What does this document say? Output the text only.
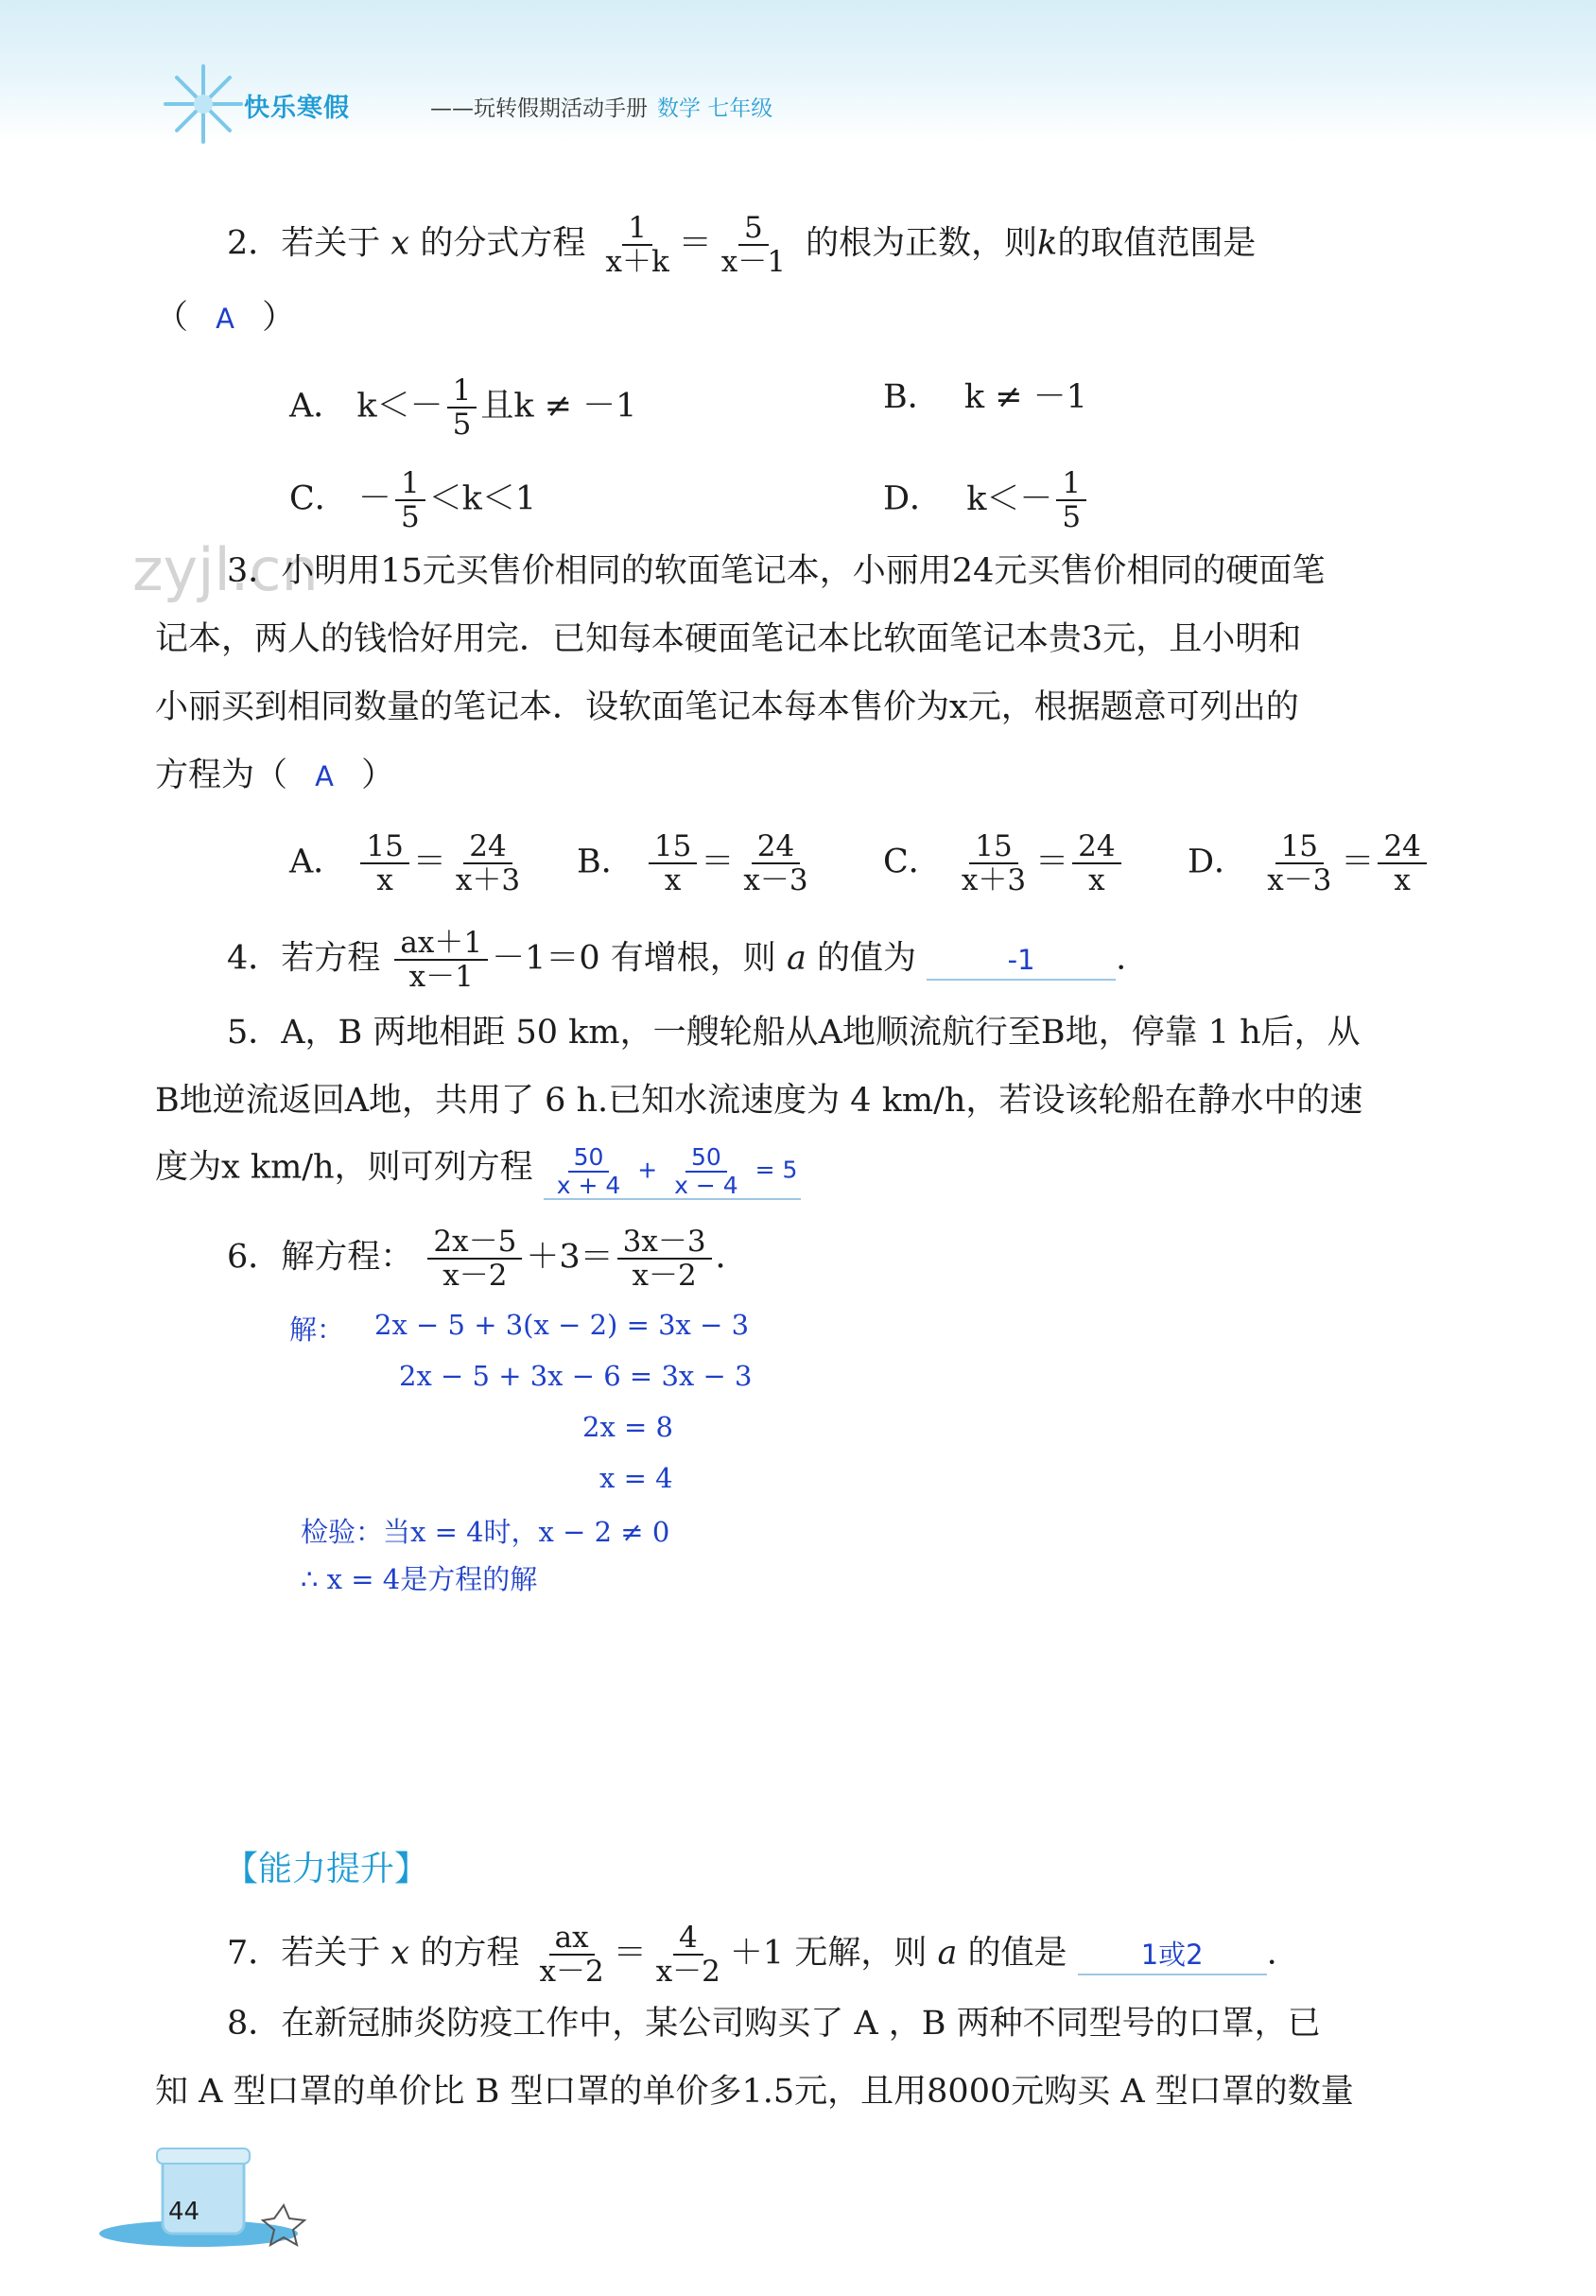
快乐寒假	——玩转假期活动手册 数学 七年级
2．若关于 x 的分式方程 $\frac{1}{x+k} = \frac{5}{x-1}$ 的根为正数，则k的取值范围是
（ A ）
A． $k<- \frac{1}{5}$ 且k ≠ －1	B． k ≠ －1
C． － $\frac{1}{5} <k<1$	D． $k<- \frac{1}{5}$
zyjl.cn
3．小明用15元买售价相同的软面笔记本，小丽用24元买售价相同的硬面笔
记本，两人的钱恰好用完．已知每本硬面笔记本比软面笔记本贵3元，且小明和
小丽买到相同数量的笔记本．设软面笔记本每本售价为x元，根据题意可列出的
方程为（ A ）
A． $\frac{15}{x} = \frac{24}{x+3}$ B． $\frac{15}{x} = \frac{24}{x-3}$ C． $\frac{15}{x+3} = \frac{24}{x}$ D． $\frac{15}{x-3} = \frac{24}{x}$
4．若方程 $\frac{ax+1}{x-1} -1=0$ 有增根，则 a 的值为	-1 .
5．A，B 两地相距 50 km，一艘轮船从A地顺流航行至B地，停靠 1 h后，从
B地逆流返回A地，共用了 6 h.已知水流速度为 4 km/h，若设该轮船在静水中的速
度为x km/h，则可列方程 $\frac{50}{x + 4} + \frac{50}{x - 4} = 5$
6．解方程： $\frac{2x-5}{x-2} +3= \frac{3x-3}{x-2}$ ．
解： 2x − 5 + 3(x − 2) = 3x − 3
2x − 5 + 3x − 6 = 3x − 3
2x = 8
x = 4
检验：当x = 4时，x − 2 ≠ 0
∴ x = 4是方程的解
【能力提升】
7．若关于 x 的方程 $\frac{ax}{x-2} = \frac{4}{x-2} +1$ 无解，则 a 的值是	1或2 .
8．在新冠肺炎防疫工作中，某公司购买了 A ，B 两种不同型号的口罩，已
知 A 型口罩的单价比 B 型口罩的单价多1.5元，且用8000元购买 A 型口罩的数量
44
